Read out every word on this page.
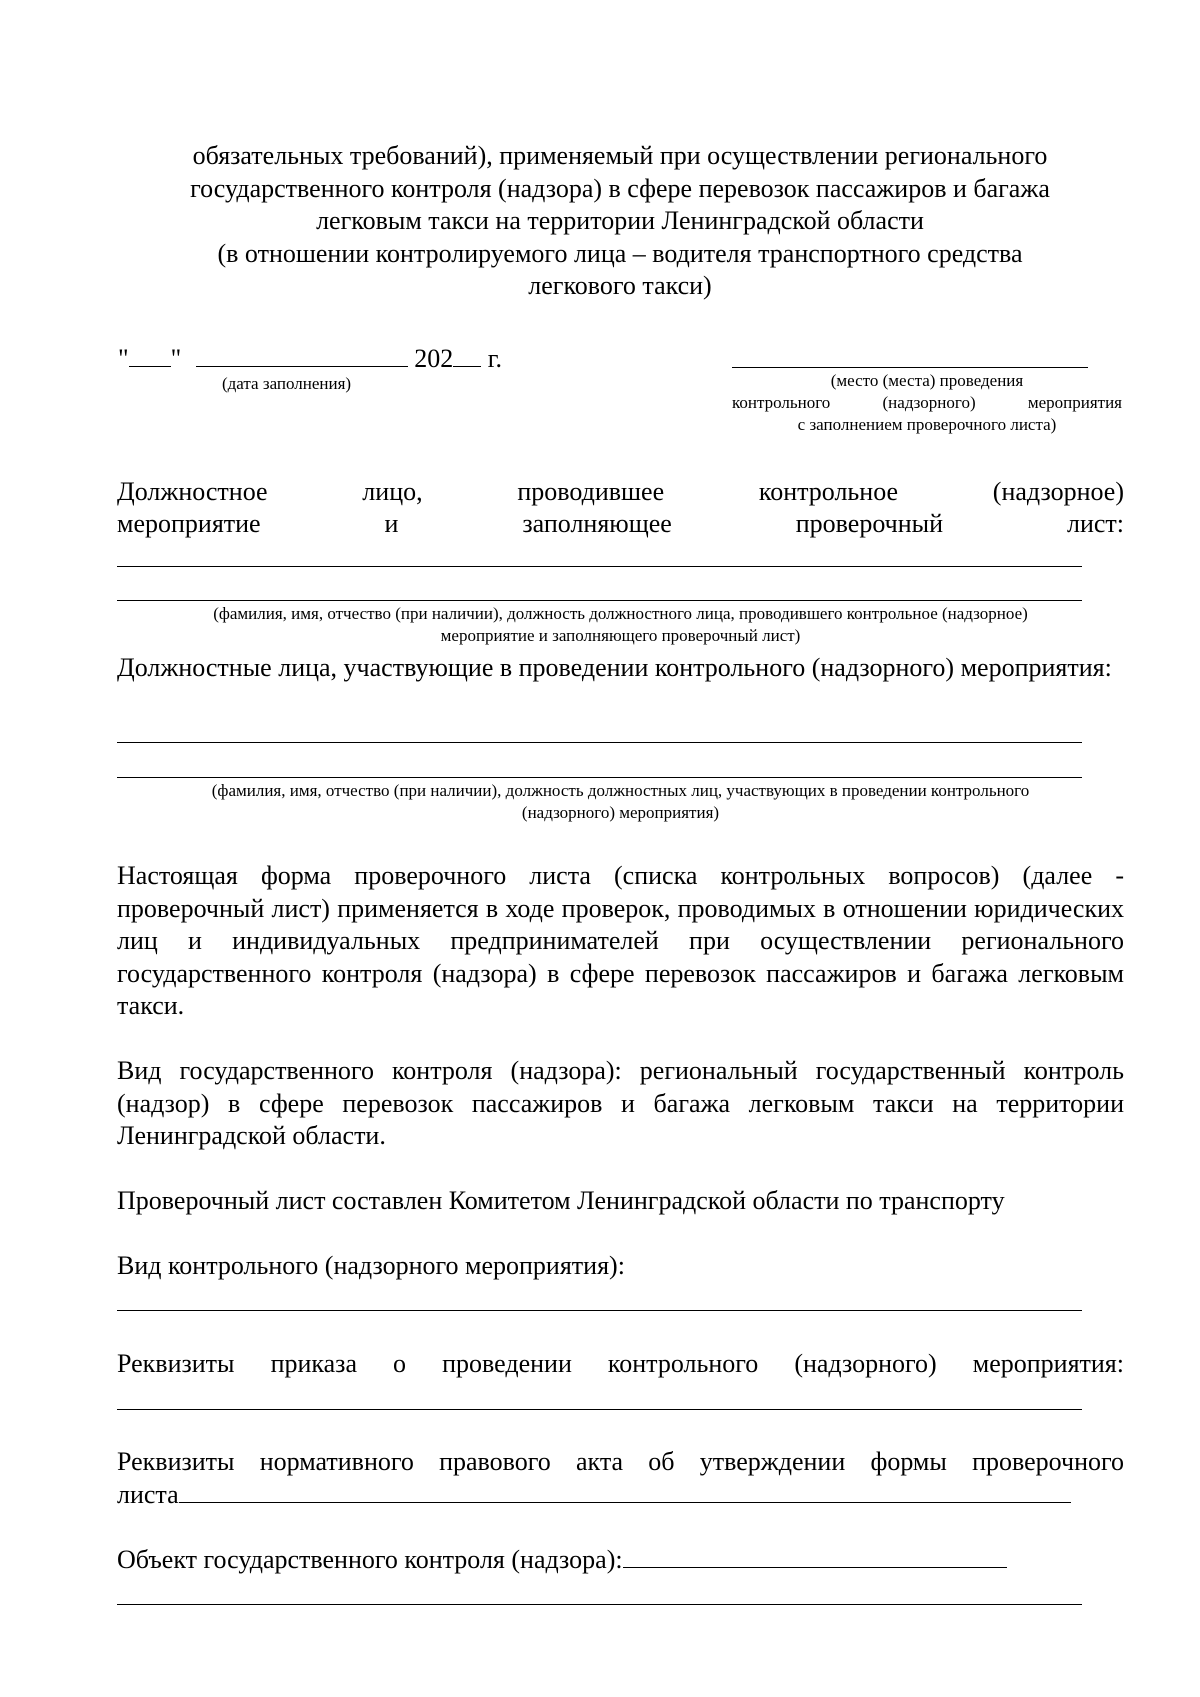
обязательных требований), применяемый при осуществлении регионального
государственного контроля (надзора) в сфере перевозок пассажиров и багажа
легковым такси на территории Ленинградской области
(в отношении контролируемого лица – водителя транспортного средства
легкового такси)
" "	202 г.
(дата заполнения)	(место (места) проведения
контрольного (надзорного) мероприятия
с заполнением проверочного листа)
Должностное лицо, проводившее контрольное (надзорное)
мероприятие и заполняющее проверочный лист:
(фамилия, имя, отчество (при наличии), должность должностного лица, проводившего контрольное (надзорное)
мероприятие и заполняющего проверочный лист)
Должностные лица, участвующие в проведении контрольного (надзорного) мероприятия:
(фамилия, имя, отчество (при наличии), должность должностных лиц, участвующих в проведении контрольного
(надзорного) мероприятия)
Настоящая форма проверочного листа (списка контрольных вопросов) (далее - проверочный лист) применяется в ходе проверок, проводимых в отношении юридических лиц и индивидуальных предпринимателей при осуществлении регионального государственного контроля (надзора) в сфере перевозок пассажиров и багажа легковым такси.
Вид государственного контроля (надзора): региональный государственный контроль (надзор) в сфере перевозок пассажиров и багажа легковым такси на территории Ленинградской области.
Проверочный лист составлен Комитетом Ленинградской области по транспорту
Вид контрольного (надзорного мероприятия):
Реквизиты приказа о проведении контрольного (надзорного) мероприятия:
Реквизиты нормативного правового акта об утверждении формы проверочного
листа
Объект государственного контроля (надзора):
